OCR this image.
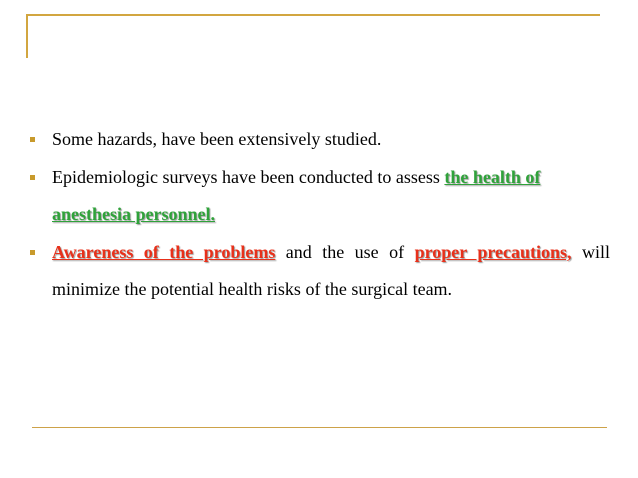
Some hazards, have been extensively studied.
Epidemiologic surveys have been conducted to assess the health of anesthesia personnel.
Awareness of the problems and the use of proper precautions, will minimize the potential health risks of the surgical team.
